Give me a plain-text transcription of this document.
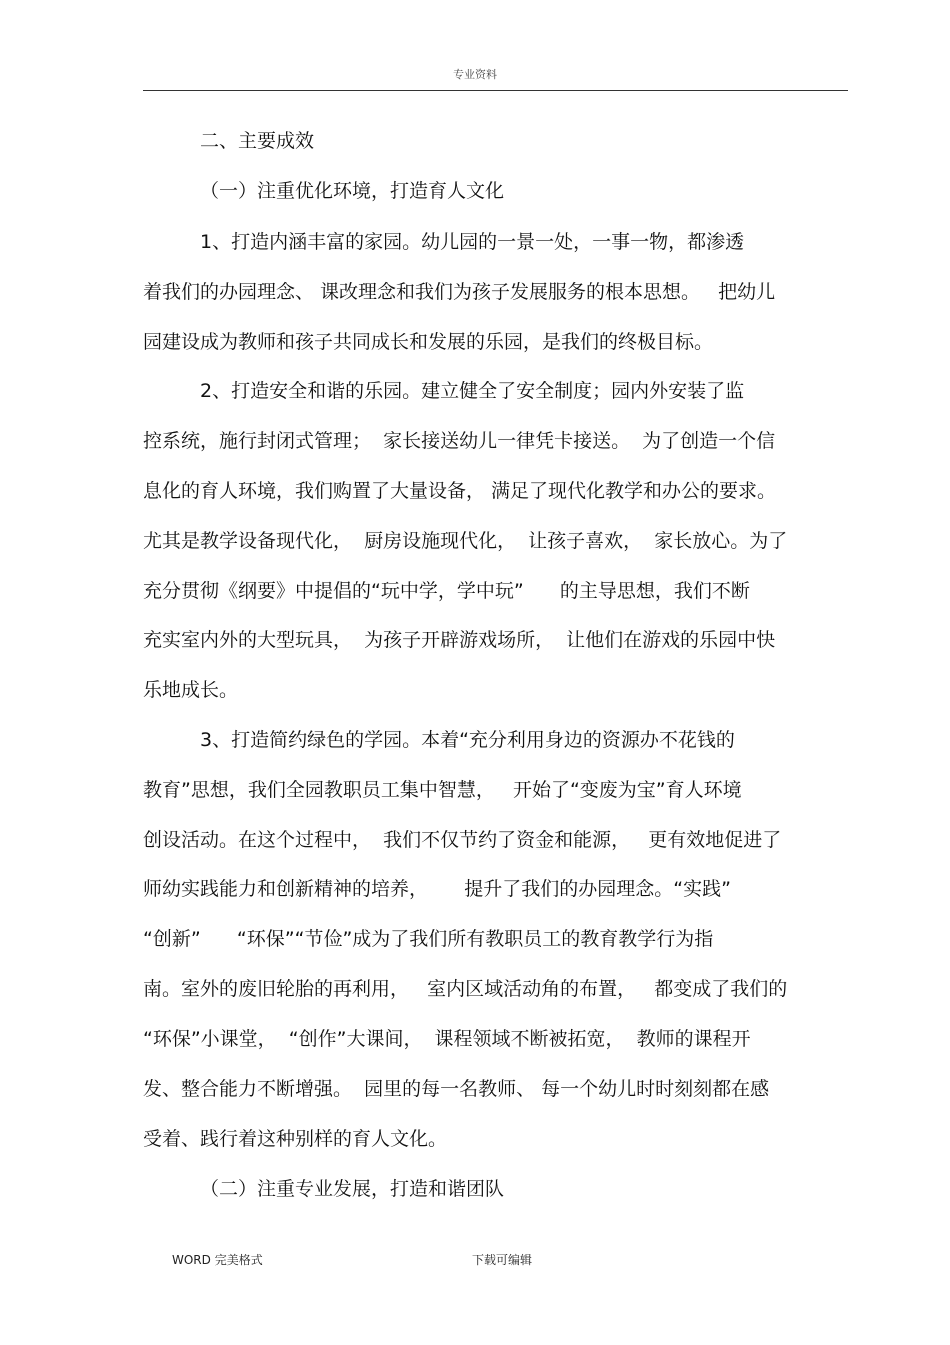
专业资料
二、主要成效
（一）注重优化环境，打造育人文化
1、打造内涵丰富的家园。幼儿园的一景一处，一事一物，都渗透
着我们的办园理念、 课改理念和我们为孩子发展服务的根本思想。   把幼儿
园建设成为教师和孩子共同成长和发展的乐园，是我们的终极目标。
2、打造安全和谐的乐园。建立健全了安全制度；园内外安装了监
控系统，施行封闭式管理；  家长接送幼儿一律凭卡接送。  为了创造一个信
息化的育人环境，我们购置了大量设备， 满足了现代化教学和办公的要求。
尤其是教学设备现代化，  厨房设施现代化，  让孩子喜欢，  家长放心。为了
充分贯彻《纲要》中提倡的“玩中学，学中玩”      的主导思想，我们不断
充实室内外的大型玩具，  为孩子开辟游戏场所，  让他们在游戏的乐园中快
乐地成长。
3、打造简约绿色的学园。本着“充分利用身边的资源办不花钱的
教育”思想，我们全园教职员工集中智慧，   开始了“变废为宝”育人环境
创设活动。在这个过程中，  我们不仅节约了资金和能源，   更有效地促进了
师幼实践能力和创新精神的培养，      提升了我们的办园理念。“实践”
“创新”      “环保”“节俭”成为了我们所有教职员工的教育教学行为指
南。室外的废旧轮胎的再利用，   室内区域活动角的布置，   都变成了我们的
“环保”小课堂，  “创作”大课间，  课程领域不断被拓宽，  教师的课程开
发、整合能力不断增强。  园里的每一名教师、 每一个幼儿时时刻刻都在感
受着、践行着这种别样的育人文化。
（二）注重专业发展，打造和谐团队
WORD 完美格式	下载可编辑
